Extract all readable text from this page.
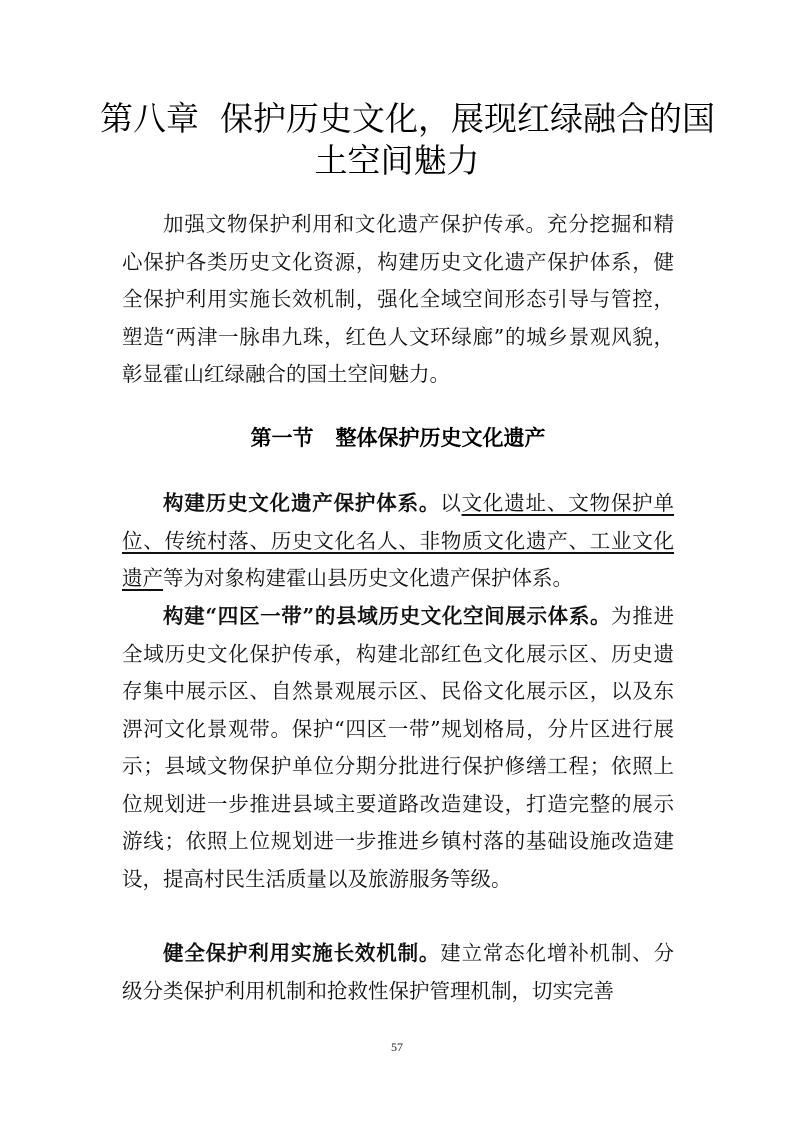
第八章  保护历史文化，展现红绿融合的国
土空间魅力

加强文物保护利用和文化遗产保护传承。充分挖掘和精心保护各类历史文化资源，构建历史文化遗产保护体系，健全保护利用实施长效机制，强化全域空间形态引导与管控，塑造“两津一脉串九珠，红色人文环绿廊”的城乡景观风貌，彰显霍山红绿融合的国土空间魅力。

第一节   整体保护历史文化遗产

构建历史文化遗产保护体系。以文化遗址、文物保护单位、传统村落、历史文化名人、非物质文化遗产、工业文化遗产等为对象构建霍山县历史文化遗产保护体系。

构建“四区一带”的县域历史文化空间展示体系。为推进全域历史文化保护传承，构建北部红色文化展示区、历史遗存集中展示区、自然景观展示区、民俗文化展示区，以及东淠河文化景观带。保护“四区一带”规划格局，分片区进行展示；县域文物保护单位分期分批进行保护修缮工程；依照上位规划进一步推进县域主要道路改造建设，打造完整的展示游线；依照上位规划进一步推进乡镇村落的基础设施改造建设，提高村民生活质量以及旅游服务等级。

健全保护利用实施长效机制。建立常态化增补机制、分级分类保护利用机制和抢救性保护管理机制，切实完善

57
